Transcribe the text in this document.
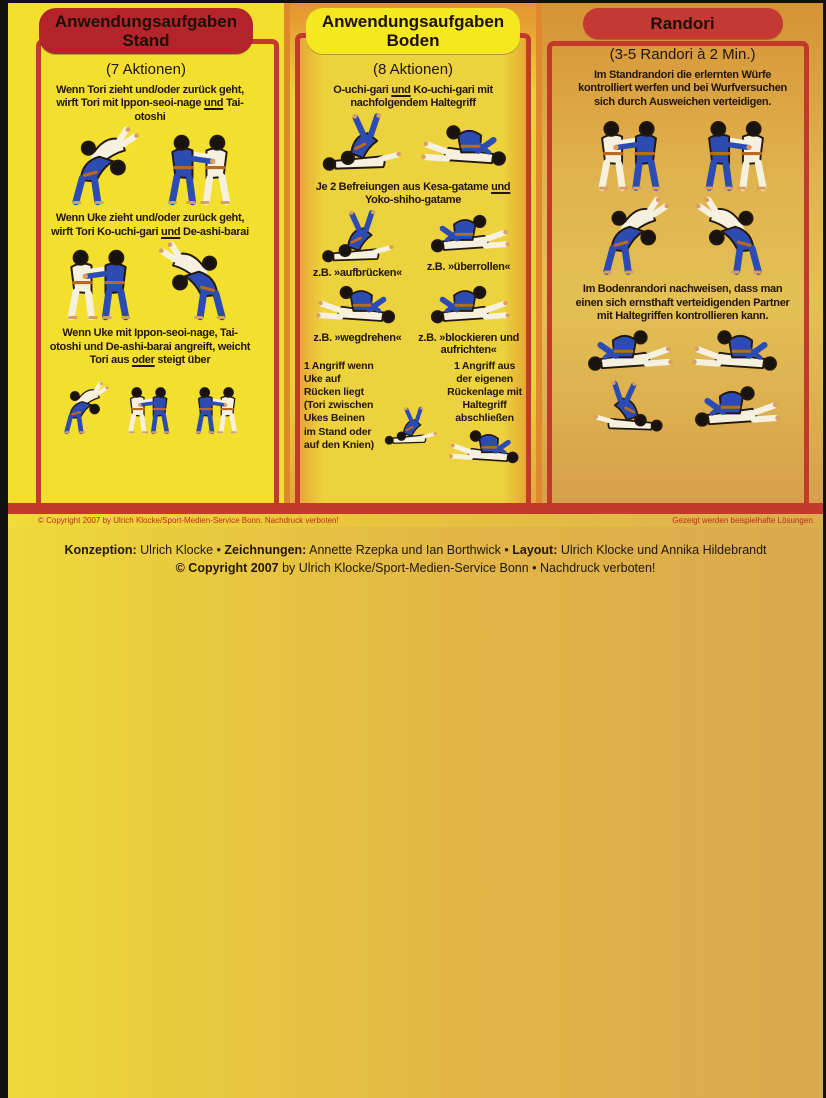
Anwendungsaufgaben
Stand
(7 Aktionen)
Wenn Tori zieht und/oder zurück geht, wirft Tori mit Ippon-seoi-nage und Tai-otoshi
Wenn Uke zieht und/oder zurück geht, wirft Tori Ko-uchi-gari und De-ashi-barai
Wenn Uke mit Ippon-seoi-nage, Tai-otoshi und De-ashi-barai angreift, weicht Tori aus oder steigt über
Anwendungsaufgaben
Boden
(8 Aktionen)
O-uchi-gari und Ko-uchi-gari mit nachfolgendem Haltegriff
Je 2 Befreiungen aus Kesa-gatame und Yoko-shiho-gatame
z.B. »aufbrücken« z.B. »überrollen«
z.B. »wegdrehen« z.B. »blockieren und aufrichten«
1 Angriff wenn Uke auf Rücken liegt (Tori zwischen Ukes Beinen im Stand oder auf den Knien)
1 Angriff aus der eigenen Rückenlage mit Haltegriff abschließen
Randori
(3-5 Randori à 2 Min.)
Im Standrandori die erlernten Würfe kontrolliert werfen und bei Wurfversuchen sich durch Ausweichen verteidigen.
Im Bodenrandori nachweisen, dass man einen sich ernsthaft verteidigenden Partner mit Haltegriffen kontrollieren kann.
© Copyright 2007 by Ulrich Klocke/Sport-Medien-Service Bonn. Nachdruck verboten!	Gezeigt werden beispielhafte Lösungen.
Konzeption: Ulrich Klocke • Zeichnungen: Annette Rzepka und Ian Borthwick • Layout: Ulrich Klocke und Annika Hildebrandt
© Copyright 2007 by Ulrich Klocke/Sport-Medien-Service Bonn • Nachdruck verboten!
